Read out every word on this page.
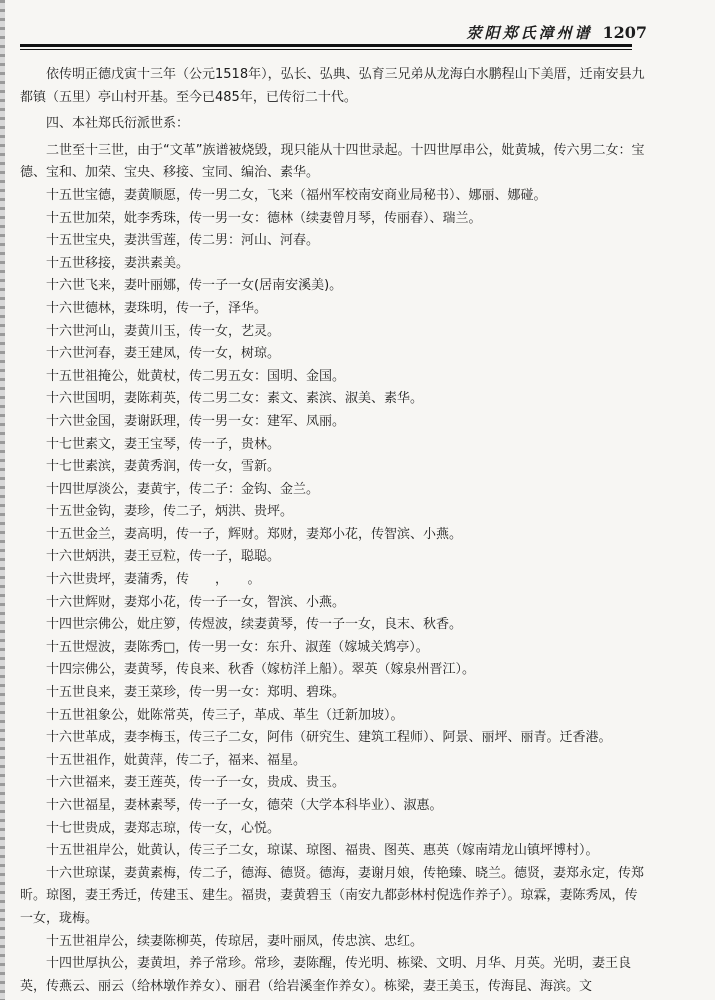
荥阳郑氏漳州谱 1207

依传明正德戊寅十三年（公元1518年），弘长、弘典、弘育三兄弟从龙海白水鹏程山下美厝，迁南安县九都镇（五里）亭山村开基。至今已485年，已传衍二十代。

四、本社郑氏衍派世系：

二世至十三世，由于“文革”族谱被烧毁，现只能从十四世录起。十四世厚串公，妣黄城，传六男二女：宝德、宝和、加荣、宝央、移接、宝同、编治、素华。

十五世宝德，妻黄顺愿，传一男二女，飞来（福州军校南安商业局秘书）、娜丽、娜碰。

十五世加荣，妣李秀珠，传一男一女：德林（续妻曾月琴，传丽春）、瑞兰。

十五世宝央，妻洪雪莲，传二男：河山、河春。

十五世移接，妻洪素美。

十六世飞来，妻叶丽娜，传一子一女(居南安溪美)。

十六世德林，妻珠明，传一子，泽华。

十六世河山，妻黄川玉，传一女，艺灵。

十六世河春，妻王建凤，传一女，树琼。

十五世祖掩公，妣黄杖，传二男五女：国明、金国。

十六世国明，妻陈莉英，传二男二女：素文、素滨、淑美、素华。

十六世金国，妻谢跃理，传一男一女：建军、凤丽。

十七世素文，妻王宝琴，传一子，贵林。

十七世素滨，妻黄秀润，传一女，雪新。

十四世厚淡公，妻黄宇，传二子：金钩、金兰。

十五世金钩，妻珍，传二子，炳洪、贵坪。

十五世金兰，妻高明，传一子，辉财。郑财，妻郑小花，传智滨、小燕。

十六世炳洪，妻王豆粒，传一子，聪聪。

十六世贵坪，妻蒲秀，传　　，　　。

十六世辉财，妻郑小花，传一子一女，智滨、小燕。

十四世宗佛公，妣庄箩，传煜波，续妻黄琴，传一子一女，良末、秋香。

十五世煜波，妻陈秀□，传一男一女：东升、淑莲（嫁城关鸩亭）。

十四宗佛公，妻黄琴，传良来、秋香（嫁枋洋上船）。翠英（嫁泉州晋江）。

十五世良来，妻王菜珍，传一男一女：郑明、碧珠。

十五世祖象公，妣陈常英，传三子，革成、革生（迁新加坡）。

十六世革成，妻李梅玉，传三子二女，阿伟（研究生、建筑工程师）、阿景、丽坪、丽青。迁香港。

十五世祖作，妣黄萍，传二子，福来、福星。

十六世福来，妻王莲英，传一子一女，贵成、贵玉。

十六世福星，妻林素琴，传一子一女，德荣（大学本科毕业）、淑惠。

十七世贵成，妻郑志琼，传一女，心悦。

十五世祖岸公，妣黄认，传三子二女，琼谋、琼图、福贵、图英、惠英（嫁南靖龙山镇坪博村）。

十六世琼谋，妻黄素梅，传二子，德海、德贤。德海，妻谢月娘，传艳臻、晓兰。德贤，妻郑永定，传郑昕。琼图，妻王秀迁，传建玉、建生。福贵，妻黄碧玉（南安九都彭林村倪选作养子）。琼霖，妻陈秀凤，传一女，珑梅。

十五世祖岸公，续妻陈柳英，传琼居，妻叶丽凤，传忠滨、忠红。

十四世厚执公，妻黄坦，养子常珍。常珍，妻陈醒，传光明、栋梁、文明、月华、月英。光明，妻王良英，传燕云、丽云（给林墩作养女）、丽君（给岩溪奎作养女）。栋梁，妻王美玉，传海昆、海滨。文
